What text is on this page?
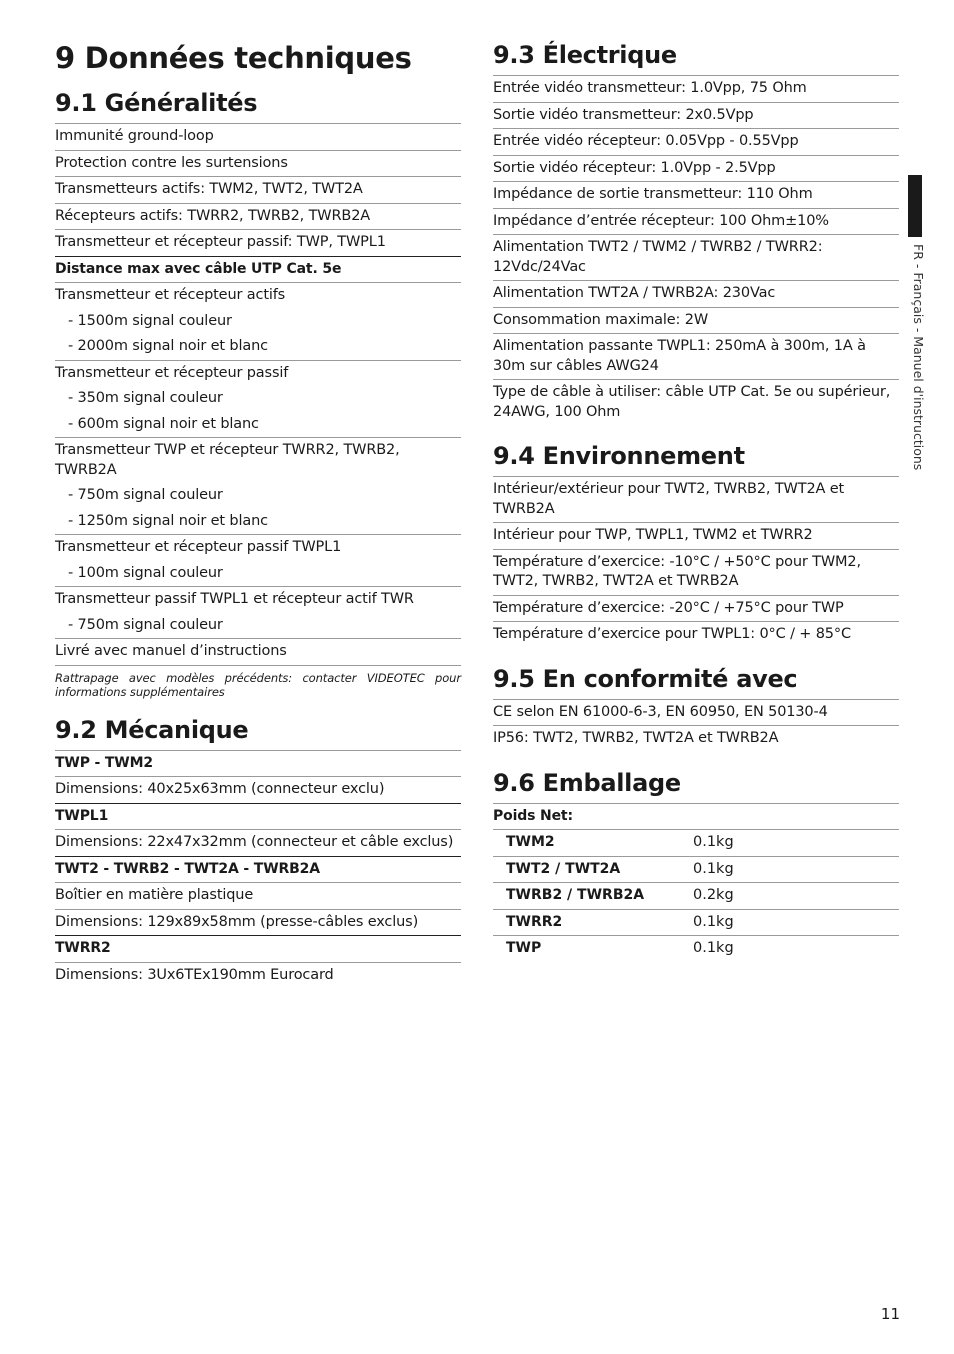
9 Données techniques
9.1 Généralités
Immunité ground-loop
Protection contre les surtensions
Transmetteurs actifs: TWM2, TWT2, TWT2A
Récepteurs actifs: TWRR2, TWRB2, TWRB2A
Transmetteur et récepteur passif: TWP, TWPL1
Distance max avec câble UTP Cat. 5e
Transmetteur et récepteur actifs
- 1500m signal couleur
- 2000m signal noir et blanc
Transmetteur et récepteur passif
- 350m signal couleur
- 600m signal noir et blanc
Transmetteur TWP et récepteur TWRR2, TWRB2, TWRB2A
- 750m signal couleur
- 1250m signal noir et blanc
Transmetteur et récepteur passif TWPL1
- 100m signal couleur
Transmetteur passif TWPL1 et récepteur actif TWR
- 750m signal couleur
Livré avec manuel d’instructions
Rattrapage avec modèles précédents: contacter VIDEOTEC pour informations supplémentaires
9.2 Mécanique
TWP - TWM2
Dimensions: 40x25x63mm (connecteur exclu)
TWPL1
Dimensions: 22x47x32mm (connecteur et câble exclus)
TWT2 - TWRB2 - TWT2A - TWRB2A
Boîtier en matière plastique
Dimensions: 129x89x58mm (presse-câbles exclus)
TWRR2
Dimensions: 3Ux6TEx190mm Eurocard
9.3 Électrique
Entrée vidéo transmetteur: 1.0Vpp, 75 Ohm
Sortie vidéo transmetteur: 2x0.5Vpp
Entrée vidéo récepteur: 0.05Vpp - 0.55Vpp
Sortie vidéo récepteur: 1.0Vpp - 2.5Vpp
Impédance de sortie transmetteur: 110 Ohm
Impédance d’entrée récepteur: 100 Ohm±10%
Alimentation TWT2 / TWM2 / TWRB2 / TWRR2: 12Vdc/24Vac
Alimentation TWT2A / TWRB2A: 230Vac
Consommation maximale: 2W
Alimentation passante TWPL1: 250mA à 300m, 1A à 30m sur câbles AWG24
Type de câble à utiliser: câble UTP Cat. 5e ou supérieur, 24AWG, 100 Ohm
9.4 Environnement
Intérieur/extérieur pour TWT2, TWRB2, TWT2A et TWRB2A
Intérieur pour TWP, TWPL1, TWM2 et TWRR2
Température d’exercice: -10°C / +50°C pour TWM2, TWT2, TWRB2, TWT2A et TWRB2A
Température d’exercice: -20°C / +75°C pour TWP
Température d’exercice pour TWPL1: 0°C / + 85°C
9.5 En conformité avec
CE selon EN 61000-6-3, EN 60950, EN 50130-4
IP56: TWT2, TWRB2, TWT2A et TWRB2A
9.6 Emballage
Poids Net:
TWM2	0.1kg
TWT2 / TWT2A	0.1kg
TWRB2 / TWRB2A	0.2kg
TWRR2	0.1kg
TWP	0.1kg
FR - Français - Manuel d'instructions
11
